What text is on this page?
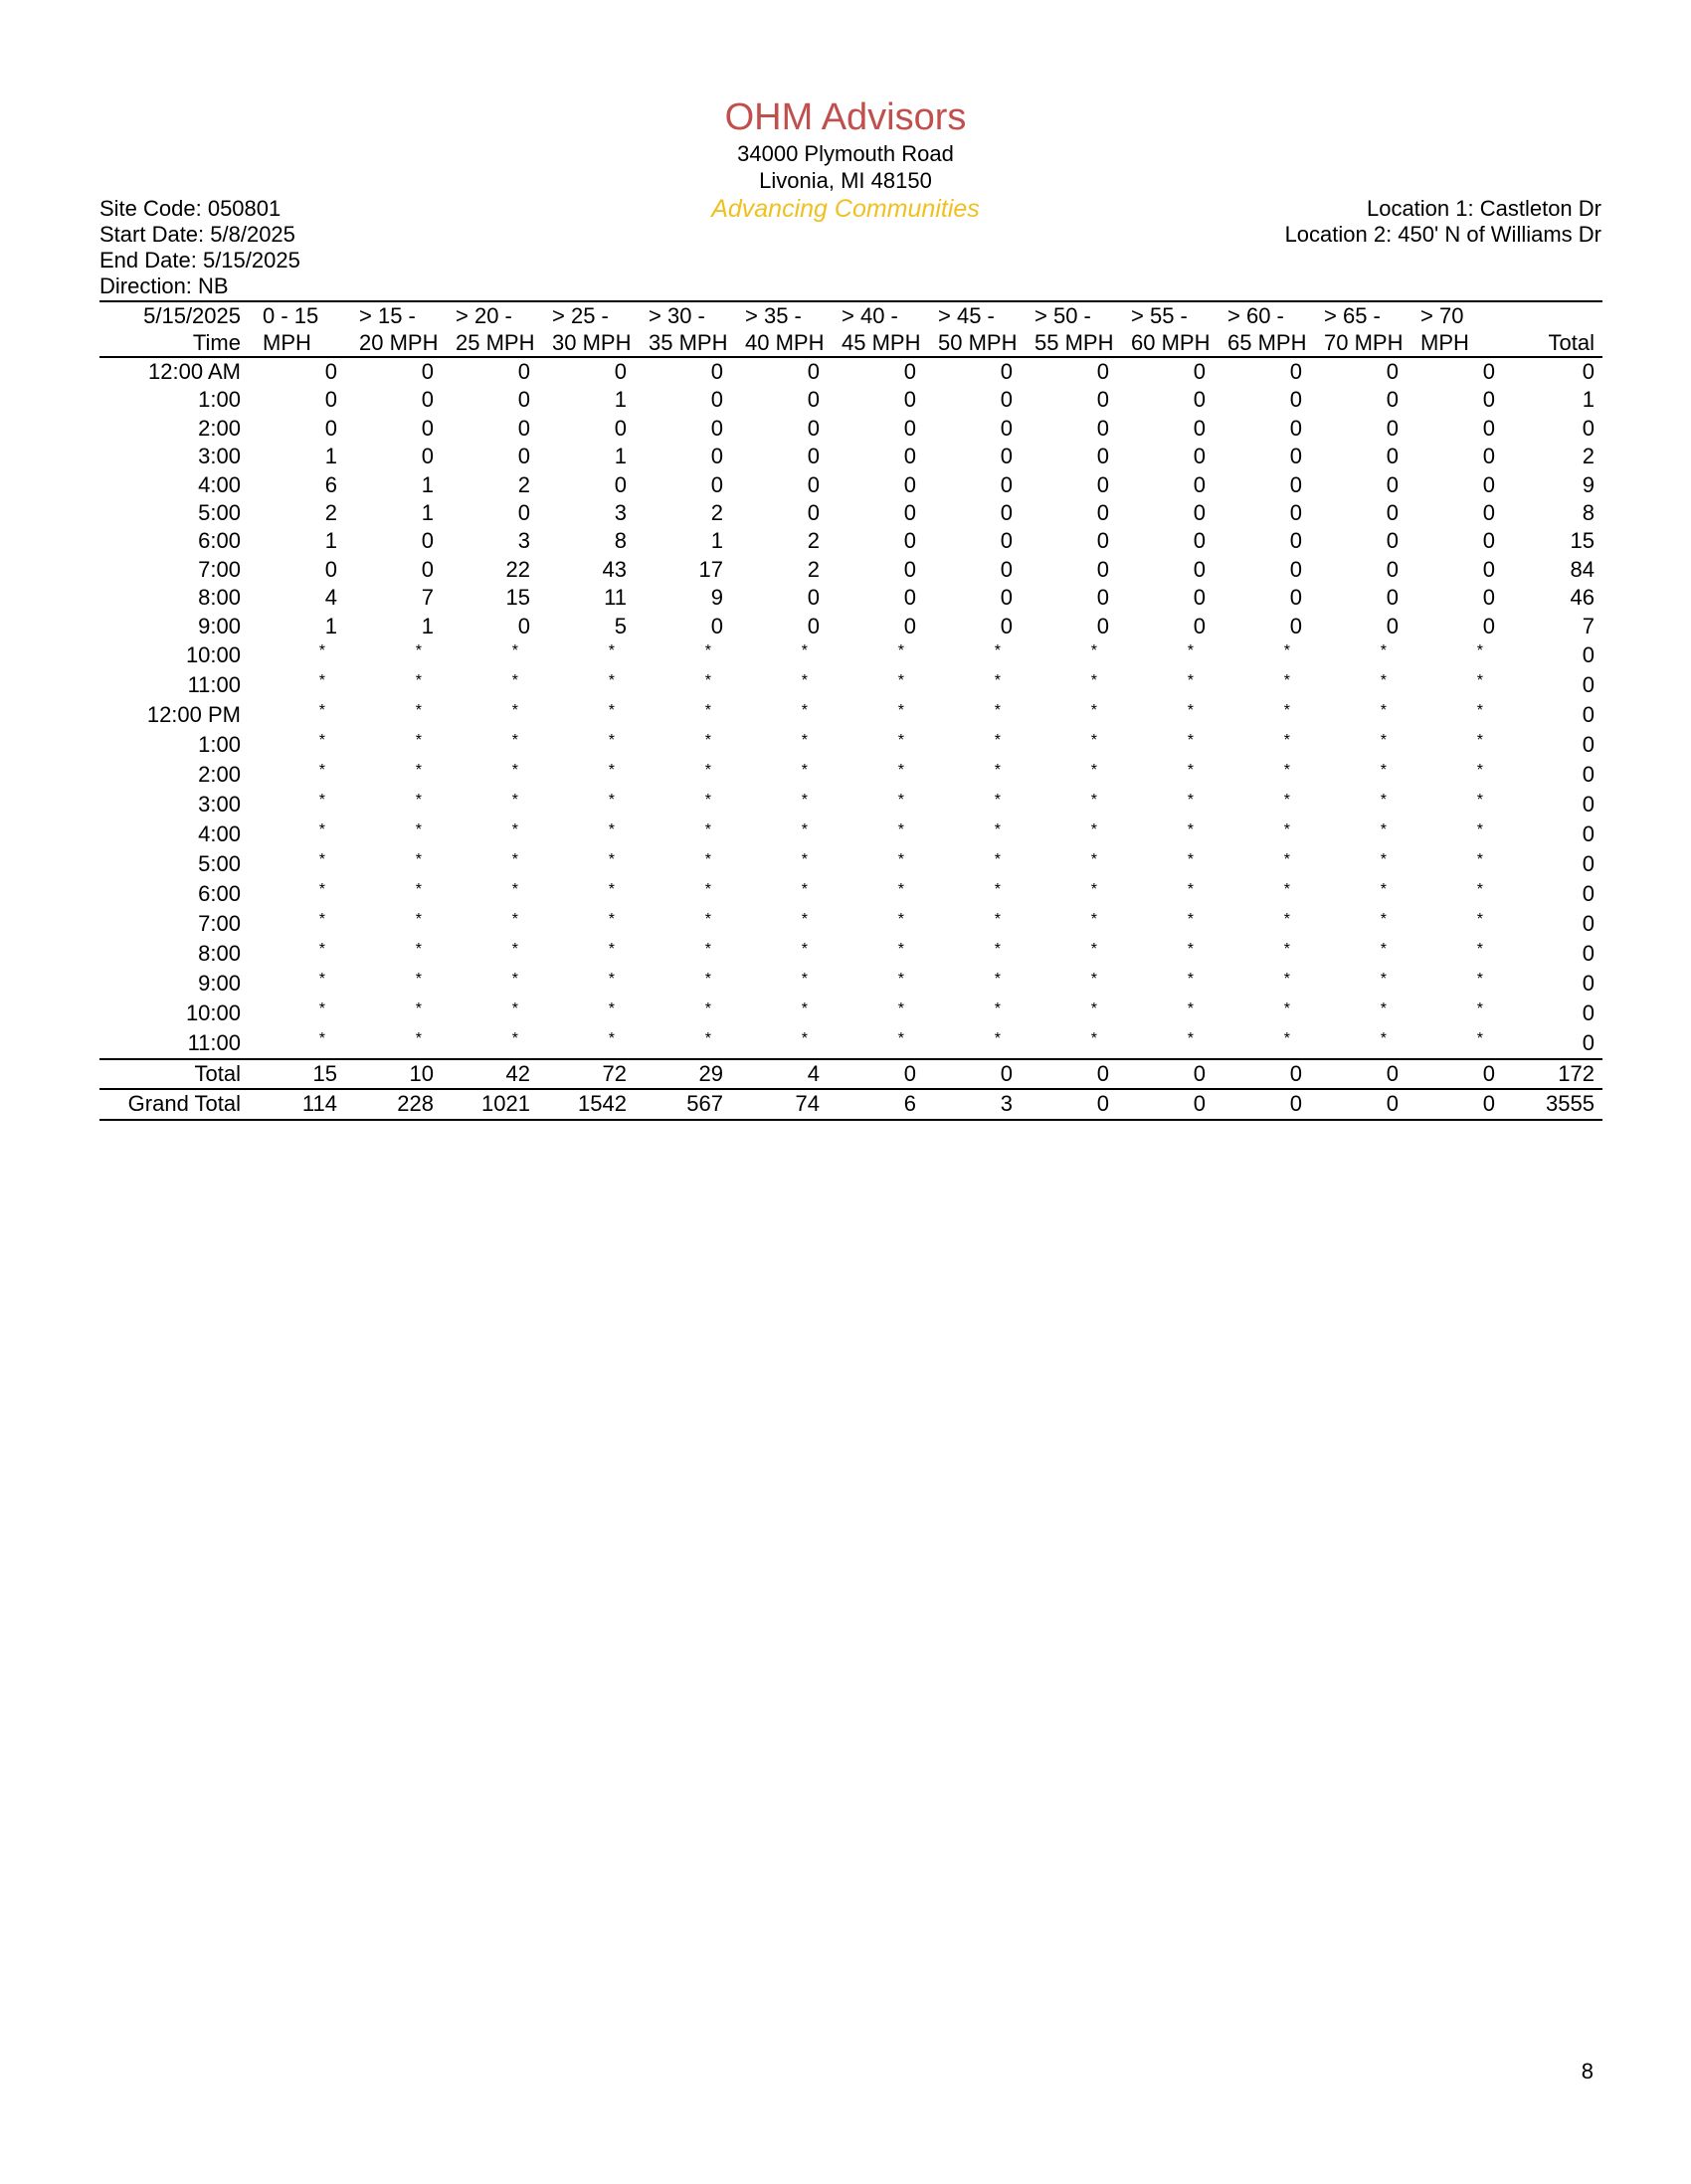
OHM Advisors
34000 Plymouth Road
Livonia, MI 48150
Advancing Communities
Site Code: 050801
Start Date: 5/8/2025
End Date: 5/15/2025
Direction: NB
Location 1: Castleton Dr
Location 2: 450' N of Williams Dr
5/15/2025	0 - 15	> 15 -	> 20 -	> 25 -	> 30 -	> 35 -	> 40 -	> 45 -	> 50 -	> 55 -	> 60 -	> 65 -	> 70	
Time	MPH	20 MPH	25 MPH	30 MPH	35 MPH	40 MPH	45 MPH	50 MPH	55 MPH	60 MPH	65 MPH	70 MPH	MPH	Total
12:00 AM	0	0	0	0	0	0	0	0	0	0	0	0	0	0
1:00	0	0	0	1	0	0	0	0	0	0	0	0	0	1
2:00	0	0	0	0	0	0	0	0	0	0	0	0	0	0
3:00	1	0	0	1	0	0	0	0	0	0	0	0	0	2
4:00	6	1	2	0	0	0	0	0	0	0	0	0	0	9
5:00	2	1	0	3	2	0	0	0	0	0	0	0	0	8
6:00	1	0	3	8	1	2	0	0	0	0	0	0	0	15
7:00	0	0	22	43	17	2	0	0	0	0	0	0	0	84
8:00	4	7	15	11	9	0	0	0	0	0	0	0	0	46
9:00	1	1	0	5	0	0	0	0	0	0	0	0	0	7
10:00	*	*	*	*	*	*	*	*	*	*	*	*	*	0
11:00	*	*	*	*	*	*	*	*	*	*	*	*	*	0
12:00 PM	*	*	*	*	*	*	*	*	*	*	*	*	*	0
1:00	*	*	*	*	*	*	*	*	*	*	*	*	*	0
2:00	*	*	*	*	*	*	*	*	*	*	*	*	*	0
3:00	*	*	*	*	*	*	*	*	*	*	*	*	*	0
4:00	*	*	*	*	*	*	*	*	*	*	*	*	*	0
5:00	*	*	*	*	*	*	*	*	*	*	*	*	*	0
6:00	*	*	*	*	*	*	*	*	*	*	*	*	*	0
7:00	*	*	*	*	*	*	*	*	*	*	*	*	*	0
8:00	*	*	*	*	*	*	*	*	*	*	*	*	*	0
9:00	*	*	*	*	*	*	*	*	*	*	*	*	*	0
10:00	*	*	*	*	*	*	*	*	*	*	*	*	*	0
11:00	*	*	*	*	*	*	*	*	*	*	*	*	*	0
Total	15	10	42	72	29	4	0	0	0	0	0	0	0	172
Grand Total	114	228	1021	1542	567	74	6	3	0	0	0	0	0	3555
8
